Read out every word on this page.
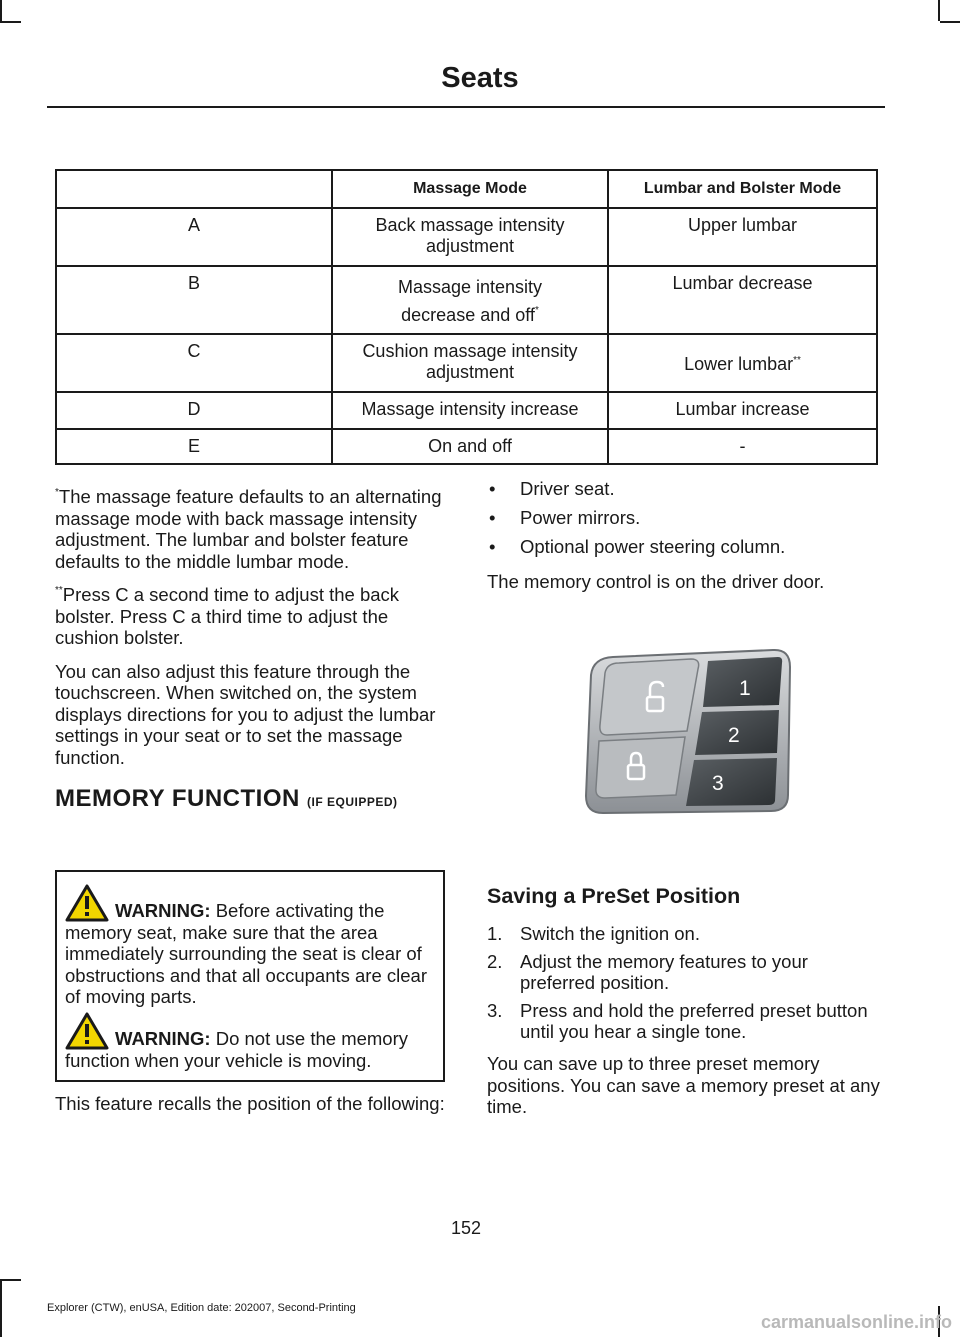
Seats
	Massage Mode	Lumbar and Bolster Mode
A	Back massage intensity adjustment	Upper lumbar
B	Massage intensity decrease and off*	Lumbar decrease
C	Cushion massage intensity adjustment	Lower lumbar**
D	Massage intensity increase	Lumbar increase
E	On and off	-

*The massage feature defaults to an alternating massage mode with back massage intensity adjustment. The lumbar and bolster feature defaults to the middle lumbar mode.

**Press C a second time to adjust the back bolster. Press C a third time to adjust the cushion bolster.

You can also adjust this feature through the touchscreen. When switched on, the system displays directions for you to adjust the lumbar settings in your seat or to set the massage function.

MEMORY FUNCTION (IF EQUIPPED)
WARNING: Before activating the memory seat, make sure that the area immediately surrounding the seat is clear of obstructions and that all occupants are clear of moving parts.
WARNING: Do not use the memory function when your vehicle is moving.
This feature recalls the position of the following:
• Driver seat.
• Power mirrors.
• Optional power steering column.

The memory control is on the driver door.

1
2
3
Saving a PreSet Position
1. Switch the ignition on.
2. Adjust the memory features to your preferred position.
3. Press and hold the preferred preset button until you hear a single tone.

You can save up to three preset memory positions. You can save a memory preset at any time.

152
Explorer (CTW), enUSA, Edition date: 202007, Second-Printing
carmanualsonline.info
